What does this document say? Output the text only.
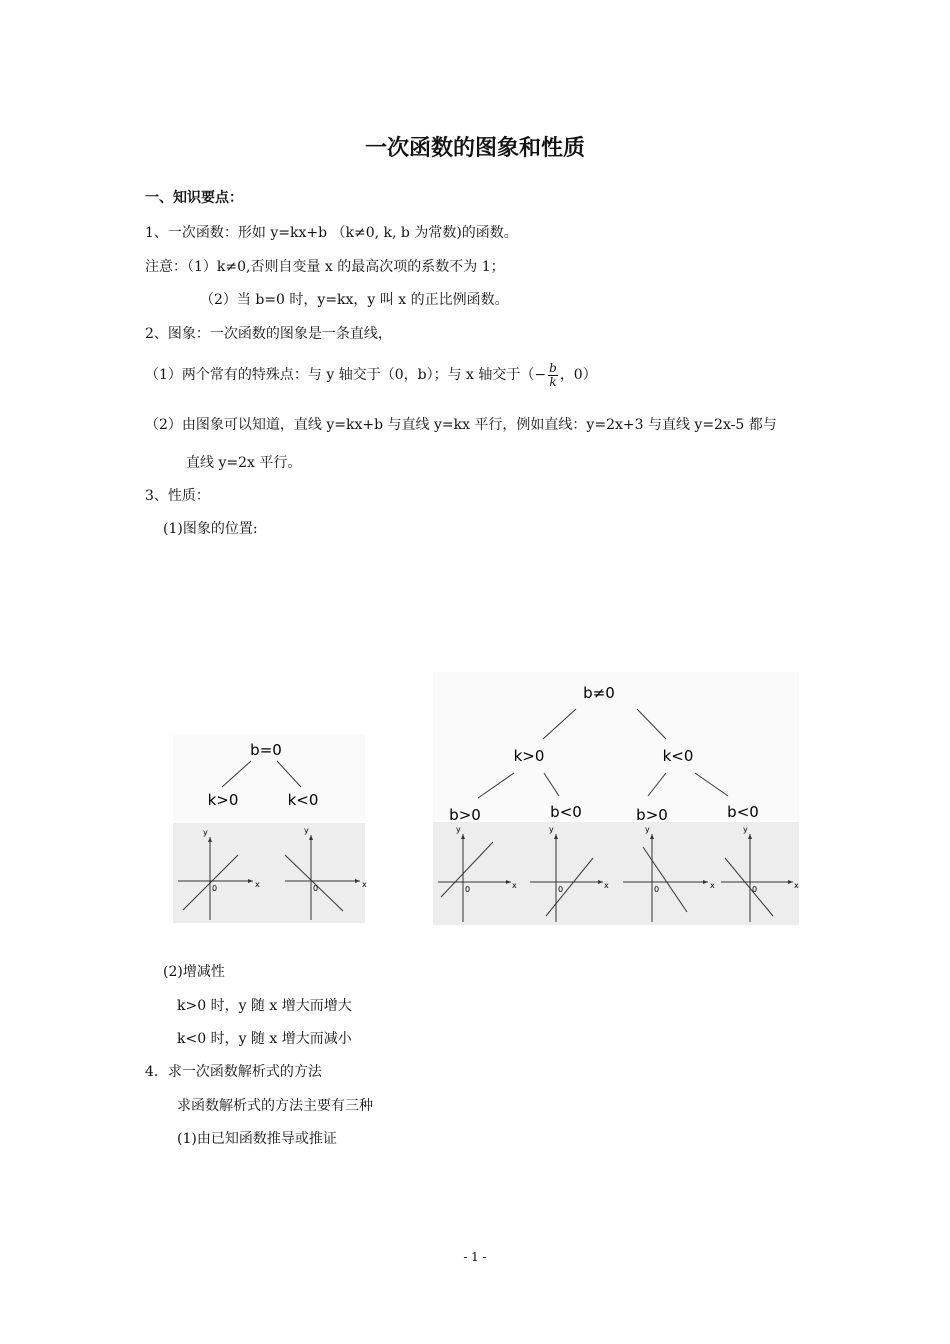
一次函数的图象和性质
一、知识要点：
1、一次函数：形如 y=kx+b （k≠0, k, b 为常数)的函数。
注意：（1）k≠0,否则自变量 x 的最高次项的系数不为 1；
（2）当 b=0 时，y=kx，y 叫 x 的正比例函数。
2、图象：一次函数的图象是一条直线，
（1）两个常有的特殊点：与 y 轴交于（0，b）；与 x 轴交于（− $\frac{b}{k}$ ，0）
（2）由图象可以知道，直线 y=kx+b 与直线 y=kx 平行，例如直线：y=2x+3 与直线 y=2x-5 都与
直线 y=2x 平行。
3、性质：
(1)图象的位置:
b=0
k>0	k<0
y
x
0
y
x
0
b≠0
k>0	k<0
b>0	b<0	b>0	b<0
y
x
0
y
x
0
y
x
0
y
x
0
(2)增减性
k>0 时，y 随 x 增大而增大
k<0 时，y 随 x 增大而减小
4．求一次函数解析式的方法
求函数解析式的方法主要有三种
(1)由已知函数推导或推证
- 1 -
